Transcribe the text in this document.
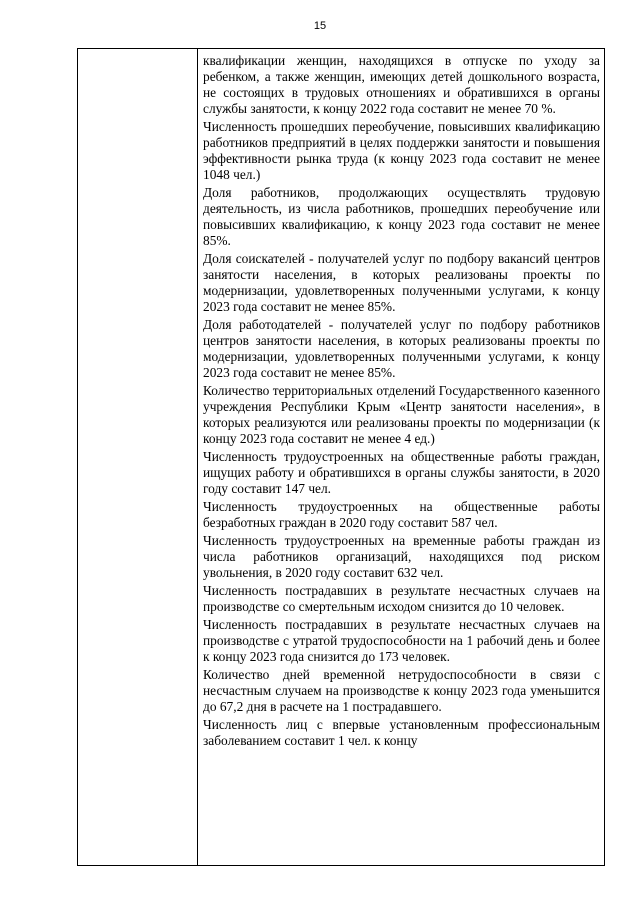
15

квалификации женщин, находящихся в отпуске по уходу за ребенком, а также женщин, имеющих детей дошкольного возраста, не состоящих в трудовых отношениях и обратившихся в органы службы занятости, к концу 2022 года составит не менее 70 %.

Численность прошедших переобучение, повысивших квалификацию работников предприятий в целях поддержки занятости и повышения эффективности рынка труда (к концу 2023 года составит не менее 1048 чел.)

Доля работников, продолжающих осуществлять трудовую деятельность, из числа работников, прошедших переобучение или повысивших квалификацию, к концу 2023 года составит не менее 85%.

Доля соискателей - получателей услуг по подбору вакансий центров занятости населения, в которых реализованы проекты по модернизации, удовлетворенных полученными услугами, к концу 2023 года составит не менее 85%.

Доля работодателей - получателей услуг по подбору работников центров занятости населения, в которых реализованы проекты по модернизации, удовлетворенных полученными услугами, к концу 2023 года составит не менее 85%.

Количество территориальных отделений Государственного казенного учреждения Республики Крым «Центр занятости населения», в которых реализуются или реализованы проекты по модернизации (к концу 2023 года составит не менее 4 ед.)

Численность трудоустроенных на общественные работы граждан, ищущих работу и обратившихся в органы службы занятости, в 2020 году составит 147 чел.

Численность трудоустроенных на общественные работы безработных граждан в 2020 году составит 587 чел.

Численность трудоустроенных на временные работы граждан из числа работников организаций, находящихся под риском увольнения, в 2020 году составит 632 чел.

Численность пострадавших в результате несчастных случаев на производстве со смертельным исходом снизится до 10 человек.

Численность пострадавших в результате несчастных случаев на производстве с утратой трудоспособности на 1 рабочий день и более к концу 2023 года снизится до 173 человек.

Количество дней временной нетрудоспособности в связи с несчастным случаем на производстве к концу 2023 года уменьшится до 67,2 дня в расчете на 1 пострадавшего.

Численность лиц с впервые установленным профессиональным заболеванием составит 1 чел. к концу
